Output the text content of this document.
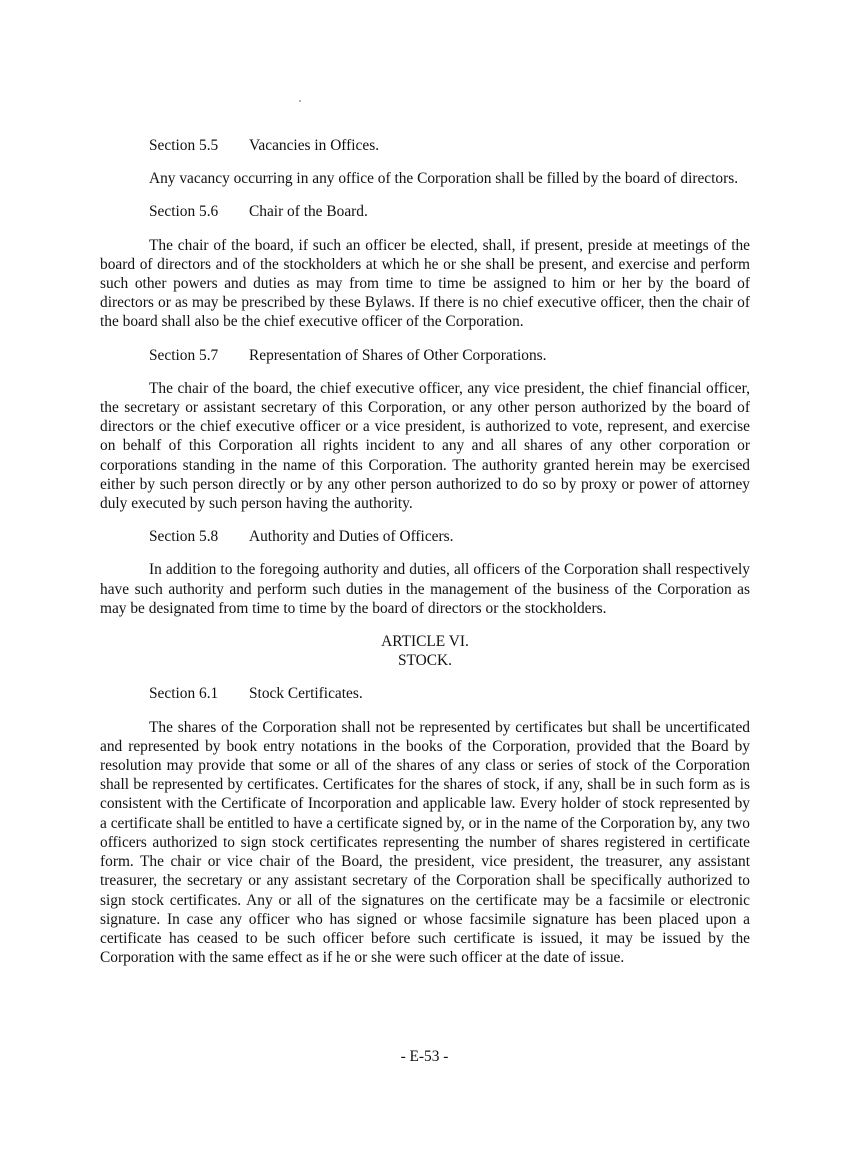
Section 5.5 Vacancies in Offices.

Any vacancy occurring in any office of the Corporation shall be filled by the board of directors.

Section 5.6 Chair of the Board.

The chair of the board, if such an officer be elected, shall, if present, preside at meetings of the board of directors and of the stockholders at which he or she shall be present, and exercise and perform such other powers and duties as may from time to time be assigned to him or her by the board of directors or as may be prescribed by these Bylaws. If there is no chief executive officer, then the chair of the board shall also be the chief executive officer of the Corporation.

Section 5.7 Representation of Shares of Other Corporations.

The chair of the board, the chief executive officer, any vice president, the chief financial officer, the secretary or assistant secretary of this Corporation, or any other person authorized by the board of directors or the chief executive officer or a vice president, is authorized to vote, represent, and exercise on behalf of this Corporation all rights incident to any and all shares of any other corporation or corporations standing in the name of this Corporation. The authority granted herein may be exercised either by such person directly or by any other person authorized to do so by proxy or power of attorney duly executed by such person having the authority.

Section 5.8 Authority and Duties of Officers.

In addition to the foregoing authority and duties, all officers of the Corporation shall respectively have such authority and perform such duties in the management of the business of the Corporation as may be designated from time to time by the board of directors or the stockholders.

ARTICLE VI.
STOCK.
Section 6.1 Stock Certificates.

The shares of the Corporation shall not be represented by certificates but shall be uncertificated and represented by book entry notations in the books of the Corporation, provided that the Board by resolution may provide that some or all of the shares of any class or series of stock of the Corporation shall be represented by certificates. Certificates for the shares of stock, if any, shall be in such form as is consistent with the Certificate of Incorporation and applicable law. Every holder of stock represented by a certificate shall be entitled to have a certificate signed by, or in the name of the Corporation by, any two officers authorized to sign stock certificates representing the number of shares registered in certificate form. The chair or vice chair of the Board, the president, vice president, the treasurer, any assistant treasurer, the secretary or any assistant secretary of the Corporation shall be specifically authorized to sign stock certificates. Any or all of the signatures on the certificate may be a facsimile or electronic signature. In case any officer who has signed or whose facsimile signature has been placed upon a certificate has ceased to be such officer before such certificate is issued, it may be issued by the Corporation with the same effect as if he or she were such officer at the date of issue.

- E-53 -
